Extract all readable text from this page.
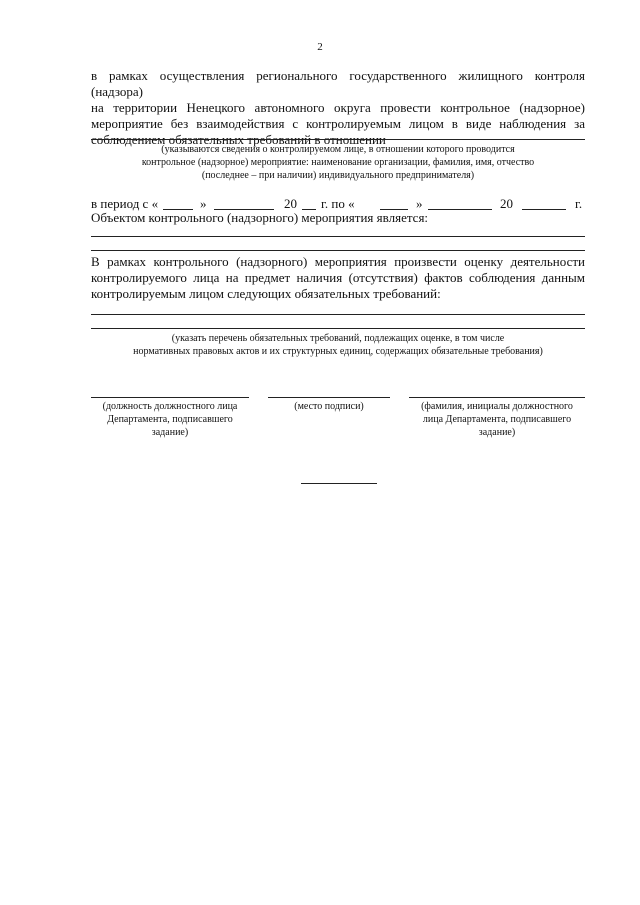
2
в рамках осуществления регионального государственного жилищного контроля (надзора)
на территории Ненецкого автономного округа провести контрольное (надзорное)
мероприятие без взаимодействия с контролируемым лицом в виде наблюдения за
соблюдением обязательных требований в отношении
(указываются сведения о контролируемом лице, в отношении которого проводится
контрольное (надзорное) мероприятие: наименование организации, фамилия, имя, отчество
(последнее – при наличии) индивидуального предпринимателя)
в период с «	»	20 г. по «	»	20	г.
Объектом контрольного (надзорного) мероприятия является:
В рамках контрольного (надзорного) мероприятия произвести оценку деятельности
контролируемого лица на предмет наличия (отсутствия) фактов соблюдения данным
контролируемым лицом следующих обязательных требований:
(указать перечень обязательных требований, подлежащих оценке, в том числе
нормативных правовых актов и их структурных единиц, содержащих обязательные требования)
(должность должностного лица
Департамента, подписавшего
задание)
(место подписи)	(фамилия, инициалы должностного
лица Департамента, подписавшего
задание)
